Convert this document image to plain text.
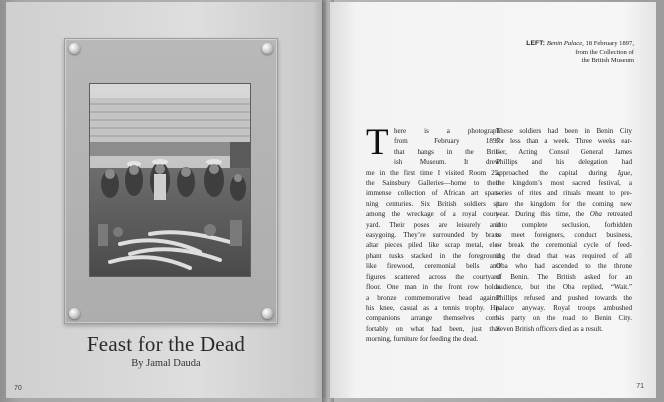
Feast for the Dead
By Jamal Dauda
70
LEFT: Benin Palace, 18 February 1897,
from the Collection of
the British Museum
T here is a photograph
from February 1897
that hangs in the Brit-
ish Museum. It drew
me in the first time I visited Room 25,
the Sainsbury Galleries—home to their
immense collection of African art span-
ning centuries. Six British soldiers sit
among the wreckage of a royal court-
yard. Their poses are leisurely and
easygoing. They’re surrounded by brass
altar pieces piled like scrap metal, ele-
phant tusks stacked in the foreground
like firewood, ceremonial bells and
figures scattered across the courtyard
floor. One man in the front row holds
a bronze commemorative head against
his knee, casual as a tennis trophy. His
companions arrange themselves com-
fortably on what had been, just that
morning, furniture for feeding the dead.
These soldiers had been in Benin City
for less than a week. Three weeks ear-
lier, Acting Consul General James
Phillips and his delegation had
approached the capital during Igue,
the kingdom’s most sacred festival, a
series of rites and rituals meant to pre-
pare the kingdom for the coming new
year. During this time, the Oba retreated
into complete seclusion, forbidden
to meet foreigners, conduct business,
or break the ceremonial cycle of feed-
ing the dead that was required of all
Oba who had ascended to the throne
of Benin. The British asked for an
audience, but the Oba replied, “Wait.”
Phillips refused and pushed towards the
palace anyway. Royal troops ambushed
his party on the road to Benin City.
Seven British officers died as a result.
71
